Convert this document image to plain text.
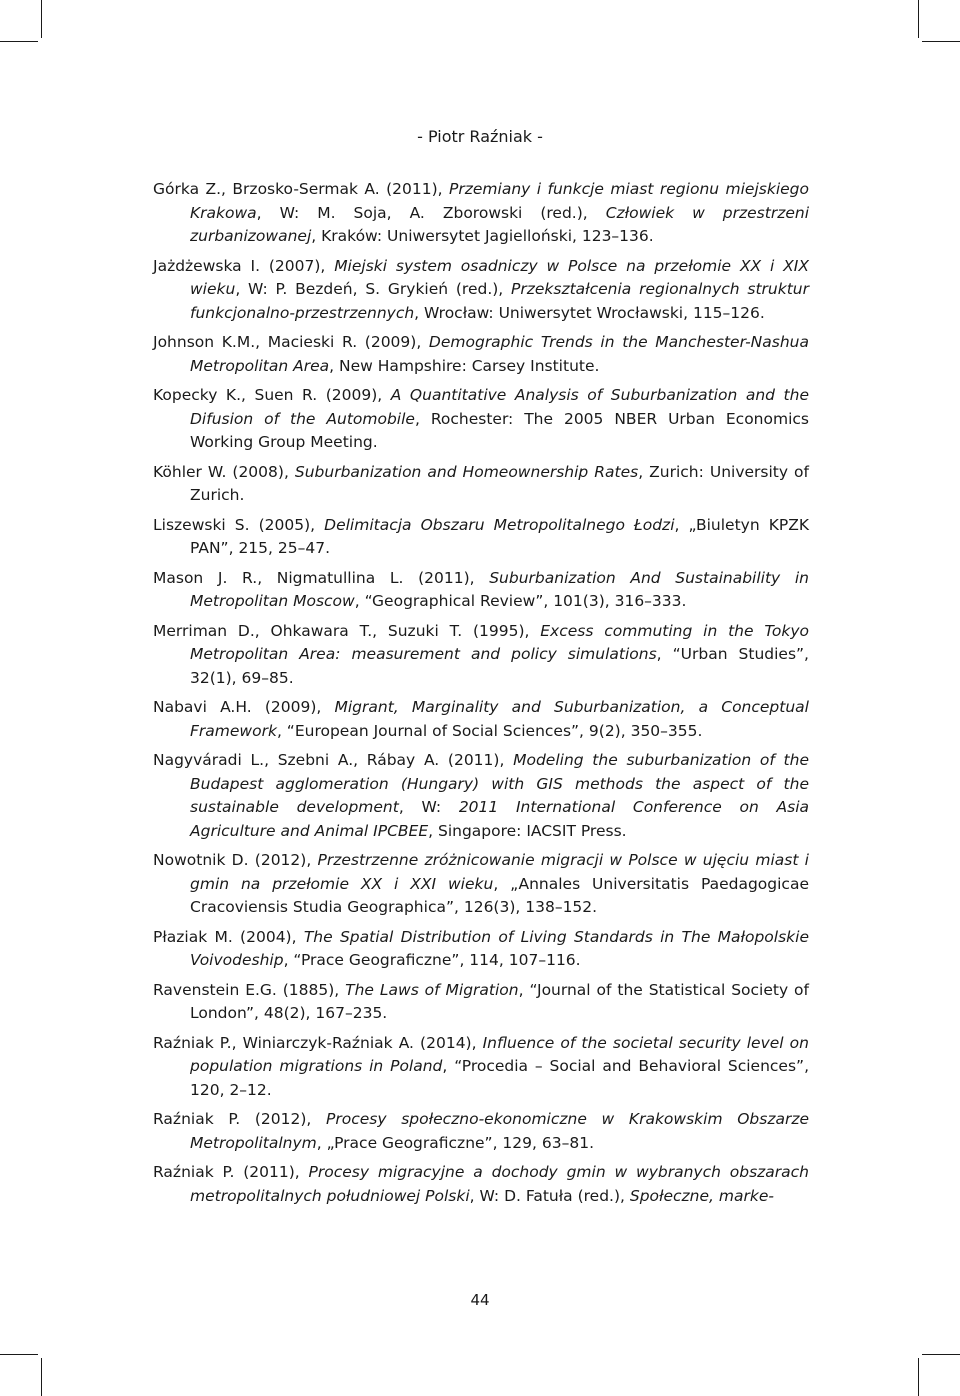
- Piotr Raźniak -

Górka Z., Brzosko-Sermak A. (2011), Przemiany i funkcje miast regionu miejskiego Krakowa, W: M. Soja, A. Zborowski (red.), Człowiek w przestrzeni zurbanizowanej, Kraków: Uniwersytet Jagielloński, 123–136.

Jażdżewska I. (2007), Miejski system osadniczy w Polsce na przełomie XX i XIX wieku, W: P. Bezdeń, S. Grykień (red.), Przekształcenia regionalnych struktur funkcjonalno-przestrzennych, Wrocław: Uniwersytet Wrocławski, 115–126.

Johnson K.M., Macieski R. (2009), Demographic Trends in the Manchester-Nashua Metropolitan Area, New Hampshire: Carsey Institute.

Kopecky K., Suen R. (2009), A Quantitative Analysis of Suburbanization and the Difusion of the Automobile, Rochester: The 2005 NBER Urban Economics Working Group Meeting.

Köhler W. (2008), Suburbanization and Homeownership Rates, Zurich: University of Zurich.

Liszewski S. (2005), Delimitacja Obszaru Metropolitalnego Łodzi, „Biuletyn KPZK PAN”, 215, 25–47.

Mason J. R., Nigmatullina L. (2011), Suburbanization And Sustainability in Metropolitan Moscow, “Geographical Review”, 101(3), 316–333.

Merriman D., Ohkawara T., Suzuki T. (1995), Excess commuting in the Tokyo Metropolitan Area: measurement and policy simulations, “Urban Studies”, 32(1), 69–85.

Nabavi A.H. (2009), Migrant, Marginality and Suburbanization, a Conceptual Framework, “European Journal of Social Sciences”, 9(2), 350–355.

Nagyváradi L., Szebni A., Rábay A. (2011), Modeling the suburbanization of the Budapest agglomeration (Hungary) with GIS methods the aspect of the sustainable development, W: 2011 International Conference on Asia Agriculture and Animal IPCBEE, Singapore: IACSIT Press.

Nowotnik D. (2012), Przestrzenne zróżnicowanie migracji w Polsce w ujęciu miast i gmin na przełomie XX i XXI wieku, „Annales Universitatis Paedagogicae Cracoviensis Studia Geographica”, 126(3), 138–152.

Płaziak M. (2004), The Spatial Distribution of Living Standards in The Małopolskie Voivodeship, “Prace Geograficzne”, 114, 107–116.

Ravenstein E.G. (1885), The Laws of Migration, “Journal of the Statistical Society of London”, 48(2), 167–235.

Raźniak P., Winiarczyk-Raźniak A. (2014), Influence of the societal security level on population migrations in Poland, “Procedia – Social and Behavioral Sciences”, 120, 2–12.

Raźniak P. (2012), Procesy społeczno-ekonomiczne w Krakowskim Obszarze Metropolitalnym, „Prace Geograficzne”, 129, 63–81.

Raźniak P. (2011), Procesy migracyjne a dochody gmin w wybranych obszarach metropolitalnych południowej Polski, W: D. Fatuła (red.), Społeczne, marke-

44
